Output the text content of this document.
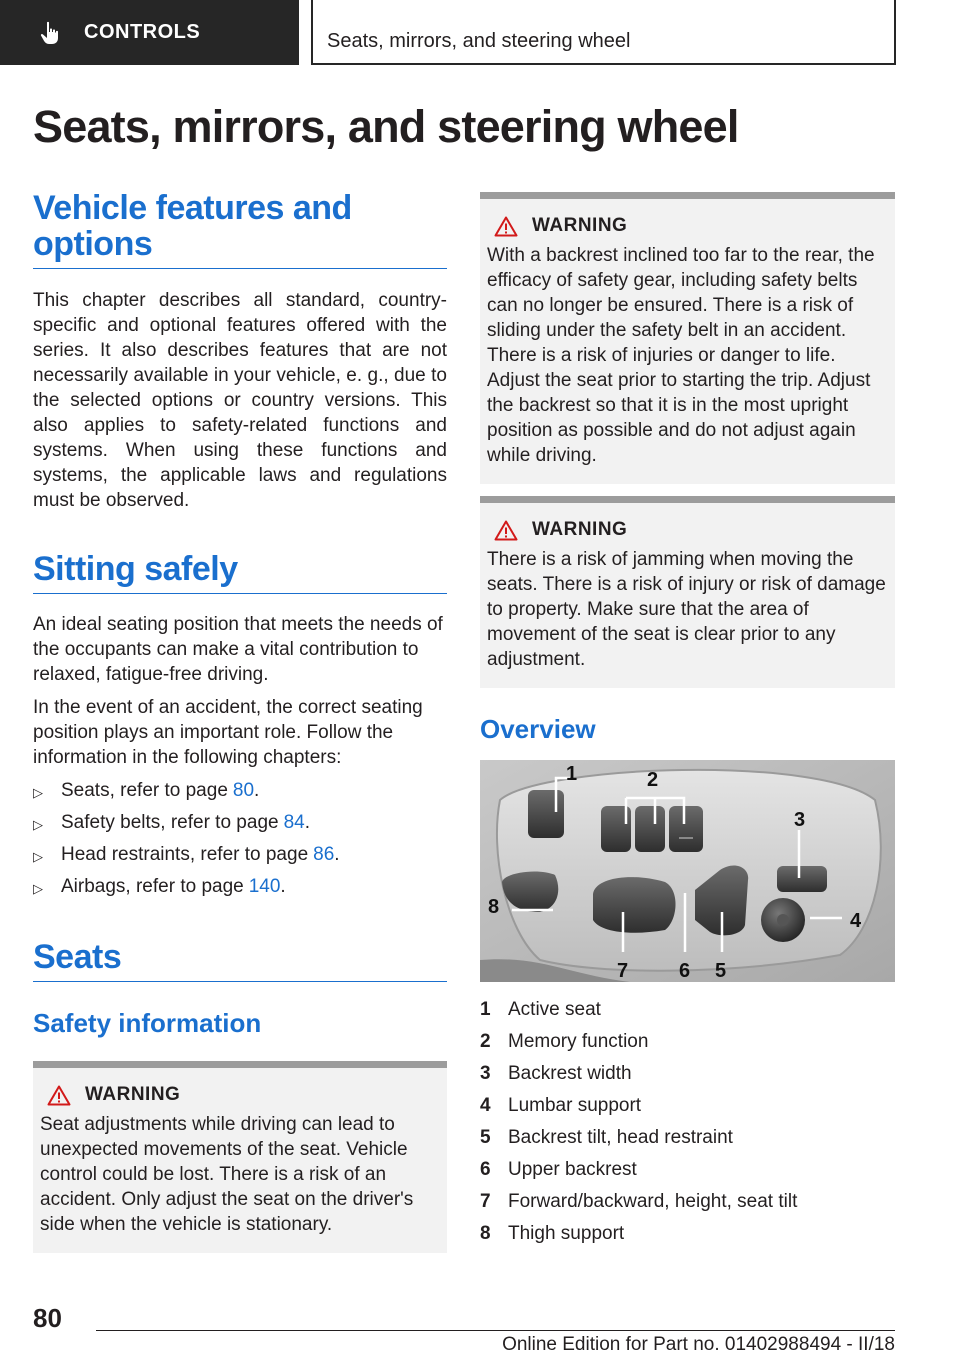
CONTROLS	Seats, mirrors, and steering wheel
Seats, mirrors, and steering wheel
Vehicle features and options

This chapter describes all standard, country-specific and optional features offered with the series. It also describes features that are not necessarily available in your vehicle, e. g., due to the selected options or country versions. This also applies to safety-related functions and systems. When using these functions and systems, the applicable laws and regulations must be observed.

Sitting safely

An ideal seating position that meets the needs of the occupants can make a vital contribution to relaxed, fatigue-free driving.

In the event of an accident, the correct seating position plays an important role. Follow the information in the following chapters:

▷ Seats, refer to page 80 .
▷ Safety belts, refer to page 84 .
▷ Head restraints, refer to page 86 .
▷ Airbags, refer to page 140 .
Seats
Safety information
WARNING

Seat adjustments while driving can lead to unexpected movements of the seat. Vehicle control could be lost. There is a risk of an accident. Only adjust the seat on the driver's side when the vehicle is stationary.

WARNING

With a backrest inclined too far to the rear, the efficacy of safety gear, including safety belts can no longer be ensured. There is a risk of sliding under the safety belt in an accident. There is a risk of injuries or danger to life. Adjust the seat prior to starting the trip. Adjust the backrest so that it is in the most upright position as possible and do not adjust again while driving.

WARNING

There is a risk of jamming when moving the seats. There is a risk of injury or risk of damage to property. Make sure that the area of movement of the seat is clear prior to any adjustment.

Overview
1	2
3
4
5
6
7
8
1 Active seat
2 Memory function
3 Backrest width
4 Lumbar support
5 Backrest tilt, head restraint
6 Upper backrest
7 Forward/backward, height, seat tilt
8 Thigh support
80
Online Edition for Part no. 01402988494 - II/18
